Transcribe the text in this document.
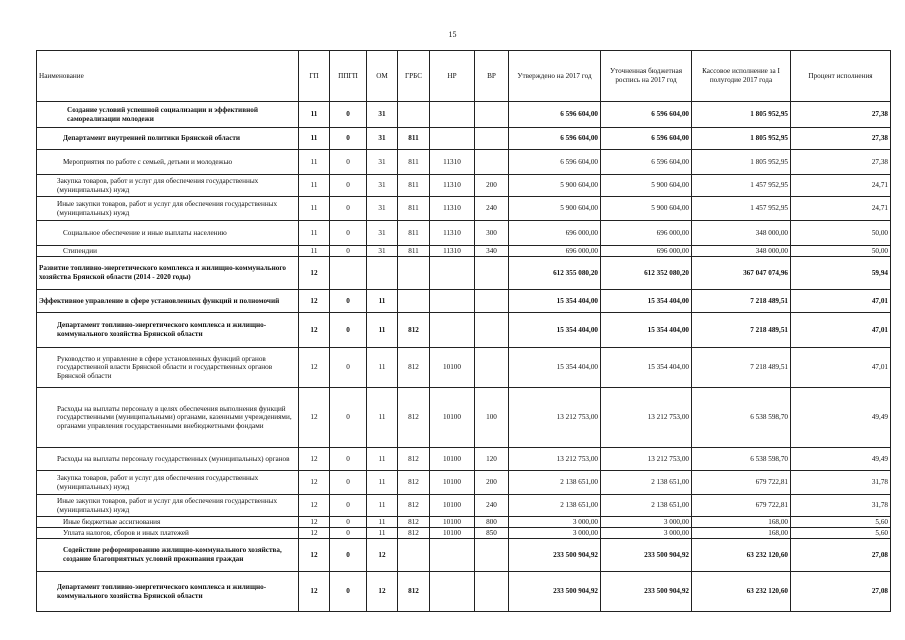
15
Наименование	ГП	ППГП	ОМ	ГРБС	НР	ВР	Утверждено на 2017 год	Уточненная бюджетная роспись на 2017 год	Кассовое исполнение за I полугодие 2017 года	Процент исполнения
Создание условий успешной социализации и эффективной самореализации молодежи	11	0	31				6 596 604,00	6 596 604,00	1 805 952,95	27,38
Департамент внутренней политики Брянской области	11	0	31	811			6 596 604,00	6 596 604,00	1 805 952,95	27,38
Мероприятия по работе с семьей, детьми и молодежью	11	0	31	811	11310		6 596 604,00	6 596 604,00	1 805 952,95	27,38
Закупка товаров, работ и услуг для обеспечения государственных (муниципальных) нужд	11	0	31	811	11310	200	5 900 604,00	5 900 604,00	1 457 952,95	24,71
Иные закупки товаров, работ и услуг для обеспечения государственных (муниципальных) нужд	11	0	31	811	11310	240	5 900 604,00	5 900 604,00	1 457 952,95	24,71
Социальное обеспечение и иные выплаты населению	11	0	31	811	11310	300	696 000,00	696 000,00	348 000,00	50,00
Стипендии	11	0	31	811	11310	340	696 000,00	696 000,00	348 000,00	50,00
Развитие топливно-энергетического комплекса и жилищно-коммунального хозяйства Брянской области (2014 - 2020 годы)	12						612 355 080,20	612 352 080,20	367 047 074,96	59,94
Эффективное управление в сфере установленных функций и полномочий	12	0	11				15 354 404,00	15 354 404,00	7 218 489,51	47,01
Департамент топливно-энергетического комплекса и жилищно-коммунального хозяйства Брянской области	12	0	11	812			15 354 404,00	15 354 404,00	7 218 489,51	47,01
Руководство и управление в сфере установленных функций органов государственной власти Брянской области и государственных органов Брянской области	12	0	11	812	10100		15 354 404,00	15 354 404,00	7 218 489,51	47,01
Расходы на выплаты персоналу в целях обеспечения выполнения функций государственными (муниципальными) органами, казенными учреждениями, органами управления государственными внебюджетными фондами	12	0	11	812	10100	100	13 212 753,00	13 212 753,00	6 538 598,70	49,49
Расходы на выплаты персоналу государственных (муниципальных) органов	12	0	11	812	10100	120	13 212 753,00	13 212 753,00	6 538 598,70	49,49
Закупка товаров, работ и услуг для обеспечения государственных (муниципальных) нужд	12	0	11	812	10100	200	2 138 651,00	2 138 651,00	679 722,81	31,78
Иные закупки товаров, работ и услуг для обеспечения государственных (муниципальных) нужд	12	0	11	812	10100	240	2 138 651,00	2 138 651,00	679 722,81	31,78
Иные бюджетные ассигнования	12	0	11	812	10100	800	3 000,00	3 000,00	168,00	5,60
Уплата налогов, сборов и иных платежей	12	0	11	812	10100	850	3 000,00	3 000,00	168,00	5,60
Содействие реформированию жилищно-коммунального хозяйства, создание благоприятных условий проживания граждан	12	0	12				233 500 904,92	233 500 904,92	63 232 120,60	27,08
Департамент топливно-энергетического комплекса и жилищно-коммунального хозяйства Брянской области	12	0	12	812			233 500 904,92	233 500 904,92	63 232 120,60	27,08
